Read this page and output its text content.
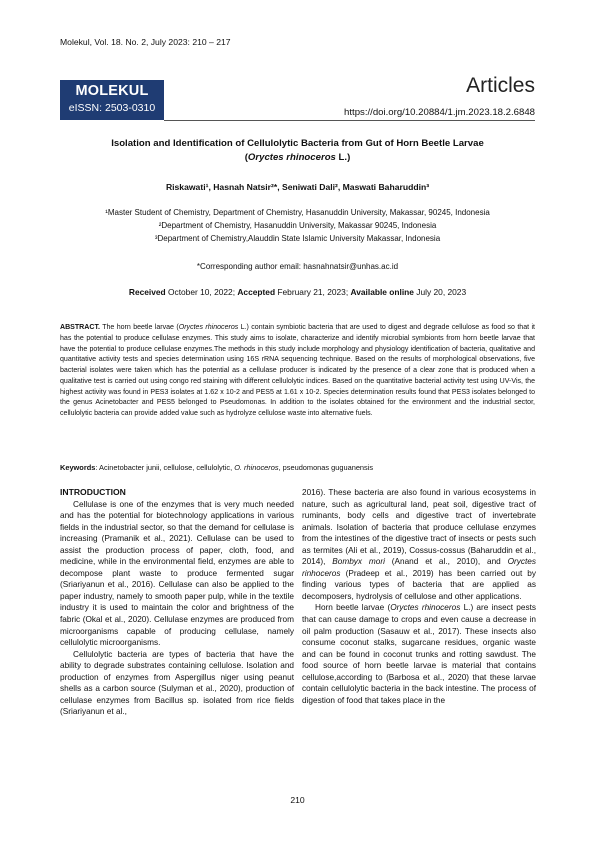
Molekul, Vol. 18. No. 2, July 2023: 210 – 217
MOLEKUL
eISSN: 2503-0310
Articles
https://doi.org/10.20884/1.jm.2023.18.2.6848
Isolation and Identification of Cellulolytic Bacteria from Gut of Horn Beetle Larvae
(Oryctes rhinoceros L.)
Riskawati¹, Hasnah Natsir²*, Seniwati Dali², Maswati Baharuddin³
¹Master Student of Chemistry, Department of Chemistry, Hasanuddin University, Makassar, 90245, Indonesia
²Department of Chemistry, Hasanuddin University, Makassar 90245, Indonesia
³Department of Chemistry,Alauddin State Islamic University Makassar, Indonesia
*Corresponding author email: hasnahnatsir@unhas.ac.id
Received October 10, 2022; Accepted February 21, 2023; Available online July 20, 2023
ABSTRACT. The horn beetle larvae (Oryctes rhinoceros L.) contain symbiotic bacteria that are used to digest and degrade cellulose as food so that it has the potential to produce cellulase enzymes. This study aims to isolate, characterize and identify microbial symbionts from horn beetle larvae that have the potential to produce cellulase enzymes.The methods in this study include morphology and physiology identification of bacteria, qualitative and quantitative activity tests and species determination using 16S rRNA sequencing technique. Based on the results of morphological observations, five bacterial isolates were taken which has the potential as a cellulase producer is indicated by the presence of a clear zone that is produced when a qualitative test is carried out using congo red staining with different cellulolytic indices. Based on the quantitative bacterial activity test using UV-Vis, the highest activity was found in PES3 isolates at 1.62 x 10-2 and PES5 at 1.61 x 10-2. Species determination results found that PES3 isolates belonged to the genus Acinetobacter and PES5 belonged to Pseudomonas. In addition to the isolates obtained for the environment and the industrial sector, cellulolytic bacteria can provide added value such as hydrolyze cellulose waste into alternative fuels.
Keywords: Acinetobacter junii, cellulose, cellulolytic, O. rhinoceros, pseudomonas guguanensis
INTRODUCTION

Cellulase is one of the enzymes that is very much needed and has the potential for biotechnology applications in various fields in the industrial sector, so that the demand for cellulase is increasing (Pramanik et al., 2021). Cellulase can be used to assist the production process of paper, cloth, food, and medicine, while in the environmental field, enzymes are able to decompose plant waste to produce fermented sugar (Sriariyanun et al., 2016). Cellulase can also be applied to the paper industry, namely to smooth paper pulp, while in the textile industry it is used to maintain the color and brightness of the fabric (Okal et al., 2020). Cellulase enzymes are produced from microorganisms capable of producing cellulase, namely cellulolytic microorganisms.

Cellulolytic bacteria are types of bacteria that have the ability to degrade substrates containing cellulose. Isolation and production of enzymes from Aspergillus niger using peanut shells as a carbon source (Sulyman et al., 2020), production of cellulase enzymes from Bacillus sp. isolated from rice fields (Sriariyanun et al.,

2016). These bacteria are also found in various ecosystems in nature, such as agricultural land, peat soil, digestive tract of ruminants, body cells and digestive tract of invertebrate animals. Isolation of bacteria that produce cellulase enzymes from the intestines of the digestive tract of insects or pests such as termites (Ali et al., 2019), Cossus-cossus (Baharuddin et al., 2014), Bombyx mori (Anand et al., 2010), and Oryctes rinhoceros (Pradeep et al., 2019) has been carried out by finding various types of bacteria that are applied as decomposers, hydrolysis of cellulose and other applications.

Horn beetle larvae (Oryctes rhinoceros L.) are insect pests that can cause damage to crops and even cause a decrease in oil palm production (Sasauw et al., 2017). These insects also consume coconut stalks, sugarcane residues, organic waste and can be found in coconut trunks and rotting sawdust. The food source of horn beetle larvae is material that contains cellulose,according to (Barbosa et al., 2020) that these larvae contain cellulolytic bacteria in the back intestine. The process of digestion of food that takes place in the

210
